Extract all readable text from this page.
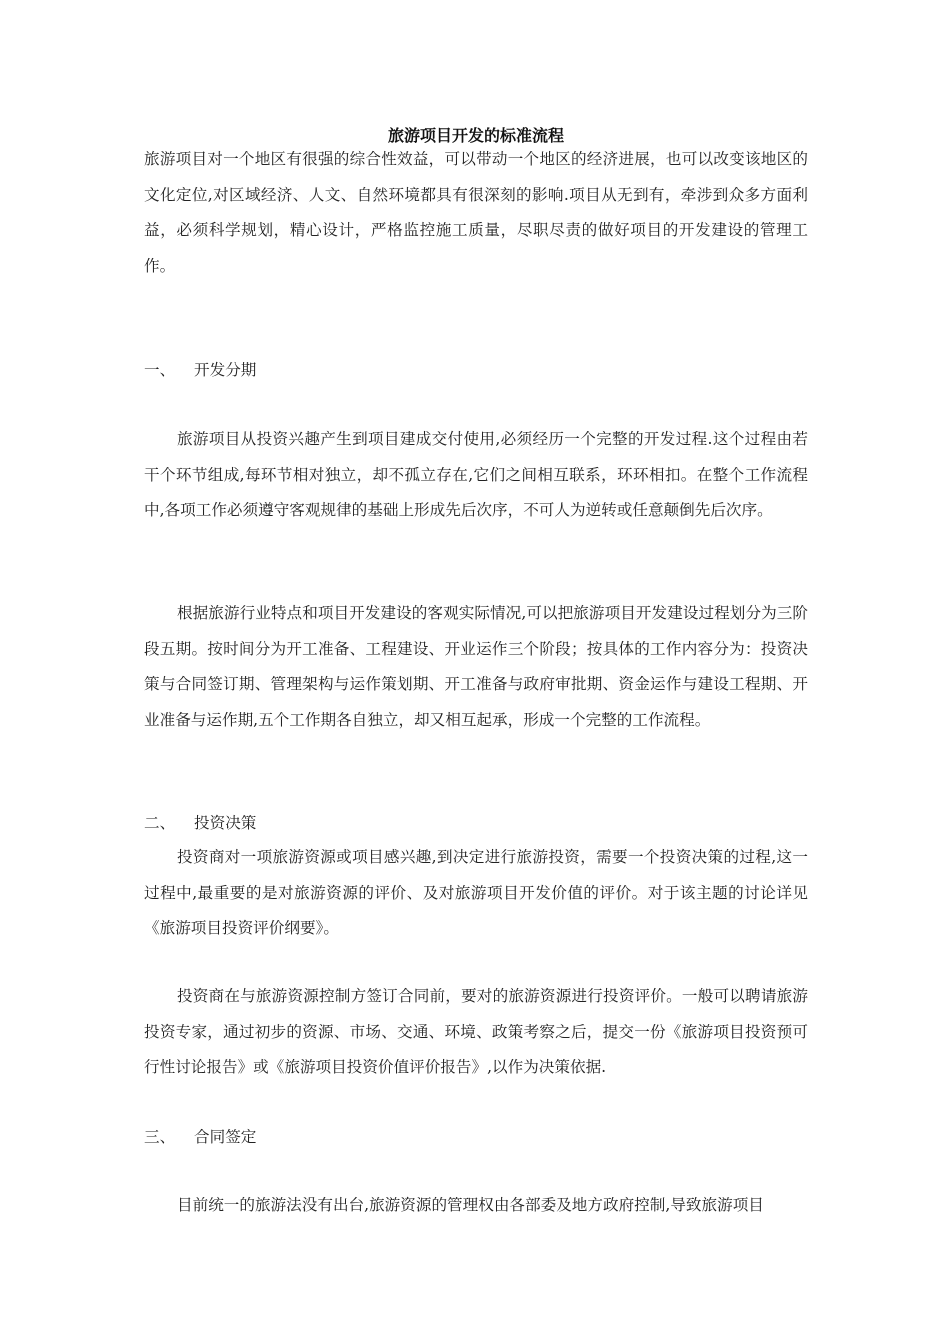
旅游项目开发的标准流程

旅游项目对一个地区有很强的综合性效益，可以带动一个地区的经济进展，也可以改变该地区的文化定位,对区域经济、人文、自然环境都具有很深刻的影响.项目从无到有，牵涉到众多方面利益，必须科学规划，精心设计，严格监控施工质量，尽职尽责的做好项目的开发建设的管理工作。

一、 开发分期

旅游项目从投资兴趣产生到项目建成交付使用,必须经历一个完整的开发过程.这个过程由若干个环节组成,每环节相对独立，却不孤立存在,它们之间相互联系，环环相扣。在整个工作流程中,各项工作必须遵守客观规律的基础上形成先后次序，不可人为逆转或任意颠倒先后次序。

根据旅游行业特点和项目开发建设的客观实际情况,可以把旅游项目开发建设过程划分为三阶段五期。按时间分为开工准备、工程建设、开业运作三个阶段；按具体的工作内容分为：投资决策与合同签订期、管理架构与运作策划期、开工准备与政府审批期、资金运作与建设工程期、开业准备与运作期,五个工作期各自独立，却又相互起承，形成一个完整的工作流程。

二、 投资决策

投资商对一项旅游资源或项目感兴趣,到决定进行旅游投资，需要一个投资决策的过程,这一过程中,最重要的是对旅游资源的评价、及对旅游项目开发价值的评价。对于该主题的讨论详见《旅游项目投资评价纲要》。

投资商在与旅游资源控制方签订合同前，要对的旅游资源进行投资评价。一般可以聘请旅游投资专家，通过初步的资源、市场、交通、环境、政策考察之后，提交一份《旅游项目投资预可行性讨论报告》或《旅游项目投资价值评价报告》,以作为决策依据.

三、 合同签定

目前统一的旅游法没有出台,旅游资源的管理权由各部委及地方政府控制,导致旅游项目
